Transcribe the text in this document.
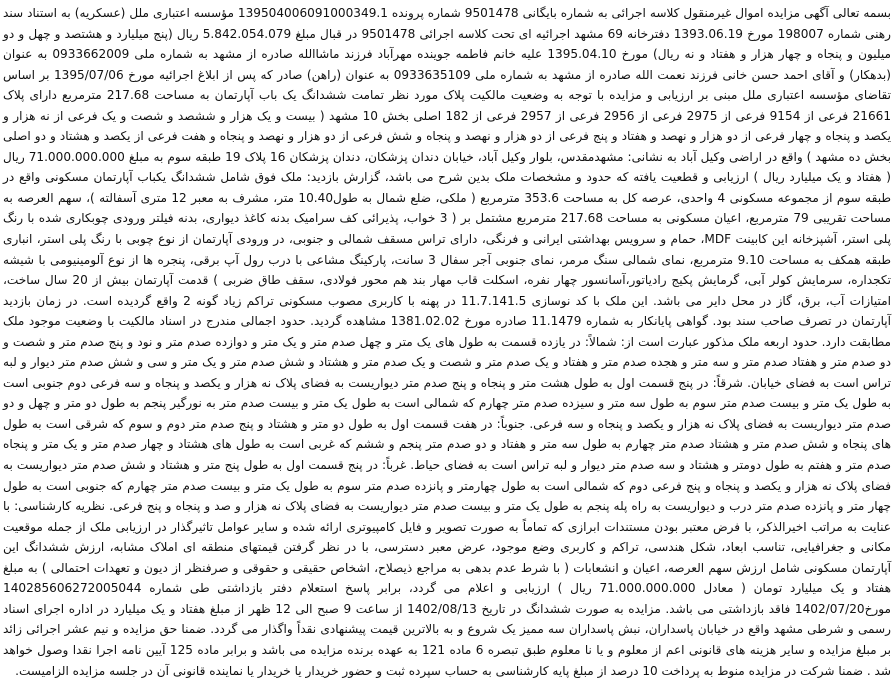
بسمه تعالی آگهی مزایده اموال غیرمنقول کلاسه اجرائی به شماره بایگانی 9501478 شماره پرونده 139504006091000349.1 مؤسسه اعتباری ملل (عسکریه) به استناد سند رهنی شماره 198007 مورخ 1393.06.19 دفترخانه 69 مشهد اجرائیه ای تحت کلاسه اجرائی 9501478 در قبال مبلغ 5.842.054.079 ریال (پنج میلیارد و هشتصد و چهل و دو میلیون و پنجاه و چهار هزار و هفتاد و نه ریال) مورخ 1395.04.10 علیه خانم فاطمه جوینده مهرآباد فرزند ماشاالله صادره از مشهد به شماره ملی 0933662009 به عنوان (بدهکار) و آقای احمد حسن خانی فرزند نعمت الله صادره از مشهد به شماره ملی 0933635109 به عنوان (راهن) صادر که پس از ابلاغ اجرائیه مورخ 1395/07/06 بر اساس تقاضای مؤسسه اعتباری ملل مبنی بر ارزیابی و مزایده با توجه به وضعیت مالکیت پلاک مورد نظر تمامت ششدانگ یک باب آپارتمان به مساحت 217.68 مترمربع دارای پلاک 21661 فرعی از 9154 فرعی از 2975 فرعی از 2956 فرعی از 2957 فرعی از 182 اصلی بخش 10 مشهد ( بیست و یک هزار و ششصد و شصت و یک فرعی از نه هزار و یکصد و پنجاه و چهار فرعی از دو هزار و نهصد و هفتاد و پنج فرعی از دو هزار و نهصد و پنجاه و شش فرعی از دو هزار و نهصد و پنجاه و هفت فرعی از یکصد و هشتاد و دو اصلی بخش ده مشهد ) واقع در اراضی وکیل آباد به نشانی: مشهدمقدس، بلوار وکیل آباد، خیابان دندان پزشکان، دندان پزشکان 16 پلاک 19 طبقه سوم به مبلغ 71.000.000.000 ریال ( هفتاد و یک میلیارد ریال ) ارزیابی و قطعیت یافته که حدود و مشخصات ملک بدین شرح می باشد، گزارش بازدید: ملک فوق شامل ششدانگ یکباب آپارتمان مسکونی واقع در طبقه سوم از مجموعه مسکونی 4 واحدی، عرصه کل به مساحت 353.6 مترمربع ( ملکی، ضلع شمال به طول10.40 متر، مشرف به معبر 12 متری آسفالته )، سهم العرصه به مساحت تقریبی 79 مترمربع، اعیان مسکونی به مساحت 217.68 مترمربع مشتمل بر ( 3 خواب، پذیرائی کف سرامیک بدنه کاغذ دیواری، بدنه فیلتر ورودی چوبکاری شده با رنگ پلی استر، آشپزخانه این کابینت MDF، حمام و سرویس بهداشتی ایرانی و فرنگی، دارای تراس مسقف شمالی و جنوبی، در ورودی آپارتمان از نوع چوبی با رنگ پلی استر، انباری طبقه همکف به مساحت 9.10 مترمربع، نمای شمالی سنگ مرمر، نمای جنوبی آجر سفال 3 سانت، پارکینگ مشاعی با درب رول آپ برقی، پنجره ها از نوع آلومینیومی با شیشه تکجداره، سرمایش کولر آبی، گرمایش پکیج رادیاتور،آسانسور چهار نفره، اسکلت قاب مهار بند هم محور فولادی، سقف طاق ضربی ) قدمت آپارتمان بیش از 20 سال ساخت، امتیازات آب، برق، گاز در محل دایر می باشد. این ملک با کد نوسازی 11.7.141.5 در پهنه با کاربری مصوب مسکونی تراکم زیاد گونه 2 واقع گردیده است. در زمان بازدید آپارتمان در تصرف صاحب سند بود. گواهی پایانکار به شماره 11.1479 صادره مورخ 1381.02.02 مشاهده گردید. حدود اجمالی مندرج در اسناد مالکیت با وضعیت موجود ملک مطابقت دارد. حدود اربعه ملک مذکور عبارت است از: شمالاً: در یازده قسمت به طول های یک متر و چهل صدم متر و یک متر و دوازده صدم متر و نود و پنج صدم متر و شصت و دو صدم متر و هفتاد صدم متر و سه متر و هجده صدم متر و هفتاد و یک صدم متر و شصت و یک صدم متر و هشتاد و شش صدم متر و یک متر و سی و شش صدم متر دیوار و لبه تراس است به فضای خیابان. شرقاً: در پنج قسمت اول به طول هشت متر و پنجاه و پنج صدم متر دیواریست به فضای پلاک نه هزار و یکصد و پنجاه و سه فرعی دوم جنوبی است به طول یک متر و بیست صدم متر سوم به طول سه متر و سیزده صدم متر چهارم که شمالی است به طول یک متر و بیست صدم متر به نورگیر پنجم به طول دو متر و چهل و دو صدم متر دیواریست به فضای پلاک نه هزار و یکصد و پنجاه و سه فرعی. جنوباً: در هفت قسمت اول به طول دو متر و هشتاد و پنج صدم متر دوم و سوم که شرقی است به طول های پنجاه و شش صدم متر و هشتاد صدم متر چهارم به طول سه متر و هفتاد و دو صدم متر پنجم و ششم که غربی است به طول های هشتاد و چهار صدم متر و یک متر و پنجاه صدم متر و هفتم به طول دومتر و هشتاد و سه صدم متر دیوار و لبه تراس است به فضای حیاط. غرباً: در پنج قسمت اول به طول پنج متر و هشتاد و شش صدم متر دیواریست به فضای پلاک نه هزار و یکصد و پنجاه و پنج فرعی دوم که شمالی است به طول چهارمتر و پانزده صدم متر سوم به طول یک متر و بیست صدم متر چهارم که جنوبی است به طول چهار متر و پانزده صدم متر درب و دیواریست به راه پله پنجم به طول یک متر و بیست صدم متر دیواریست به فضای پلاک نه هزار و صد و پنجاه و پنج فرعی. نظریه کارشناسی: با عنایت به مراتب اخیرالذکر، با فرض معتبر بودن مستندات ابرازی که تماماً به صورت تصویر و فایل کامپیوتری ارائه شده و سایر عوامل تاثیرگذار در ارزیابی ملک از جمله موقعیت مکانی و جغرافیایی، تناسب ابعاد، شکل هندسی، تراکم و کاربری وضع موجود، عرض معبر دسترسی، با در نظر گرفتن قیمتهای منطقه ای املاک مشابه، ارزش ششدانگ این آپارتمان مسکونی شامل ارزش سهم العرصه، اعیان و انشعابات ( با شرط عدم بدهی به مراجع ذیصلاح، اشخاص حقیقی و حقوقی و صرفنظر از دیون و تعهدات احتمالی ) به مبلغ هفتاد و یک میلیارد تومان ( معادل 71.000.000.000 ریال ) ارزیابی و اعلام می گردد، برابر پاسخ استعلام دفتر بازداشتی طی شماره 140285606272005044 مورخ1402/07/20 فاقد بازداشتی می باشد. مزایده به صورت ششدانگ در تاریخ 1402/08/13 از ساعت 9 صبح الی 12 ظهر از مبلغ هفتاد و یک میلیارد در اداره اجرای اسناد رسمی و شرطی مشهد واقع در خیابان پاسداران، نبش پاسداران سه ممیز یک شروع و به بالاترین قیمت پیشنهادی نقداً واگذار می گردد. ضمنا حق مزایده و نیم عشر اجرائی زائد بر مبلغ مزایده و سایر هزینه های قانونی اعم از معلوم و یا نا معلوم طبق تبصره 6 ماده 121 به عهده برنده مزایده می باشد و برابر ماده 125 آیین نامه اجرا نقدا وصول خواهد شد . ضمنا شرکت در مزایده منوط به پرداخت 10 درصد از مبلغ پایه کارشناسی به حساب سپرده ثبت و حضور خریدار یا خریدار یا نماینده قانونی آن در جلسه مزایده الزامیست.
